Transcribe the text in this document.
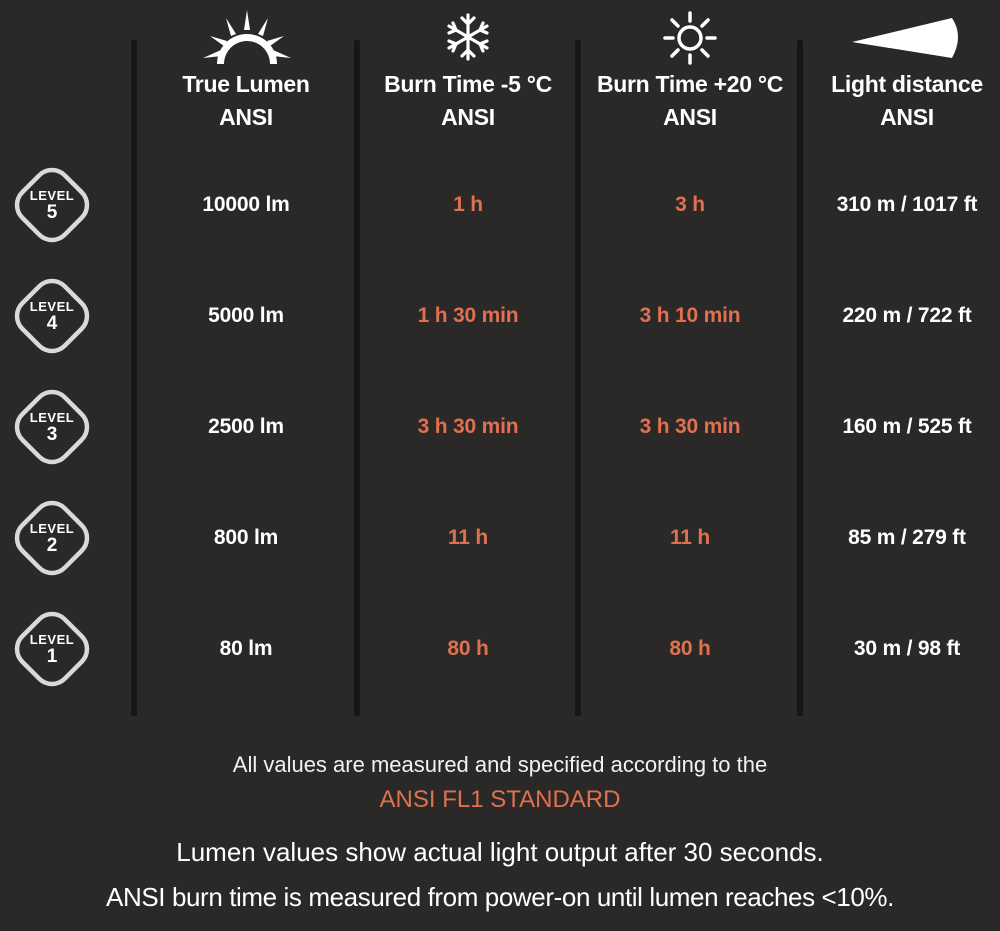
True Lumen
ANSI
Burn Time -5 °C
ANSI
Burn Time +20 °C
ANSI
Light distance
ANSI
LEVEL
5	10000 lm	1 h	3 h	310 m / 1017 ft
LEVEL
4	5000 lm	1 h 30 min	3 h 10 min	220 m / 722 ft
LEVEL
3	2500 lm	3 h 30 min	3 h 30 min	160 m / 525 ft
LEVEL
2	800 lm	11 h	11 h	85 m / 279 ft
LEVEL
1	80 lm	80 h	80 h	30 m / 98 ft
All values are measured and specified according to the
ANSI FL1 STANDARD
Lumen values show actual light output after 30 seconds.
ANSI burn time is measured from power-on until lumen reaches <10%.
